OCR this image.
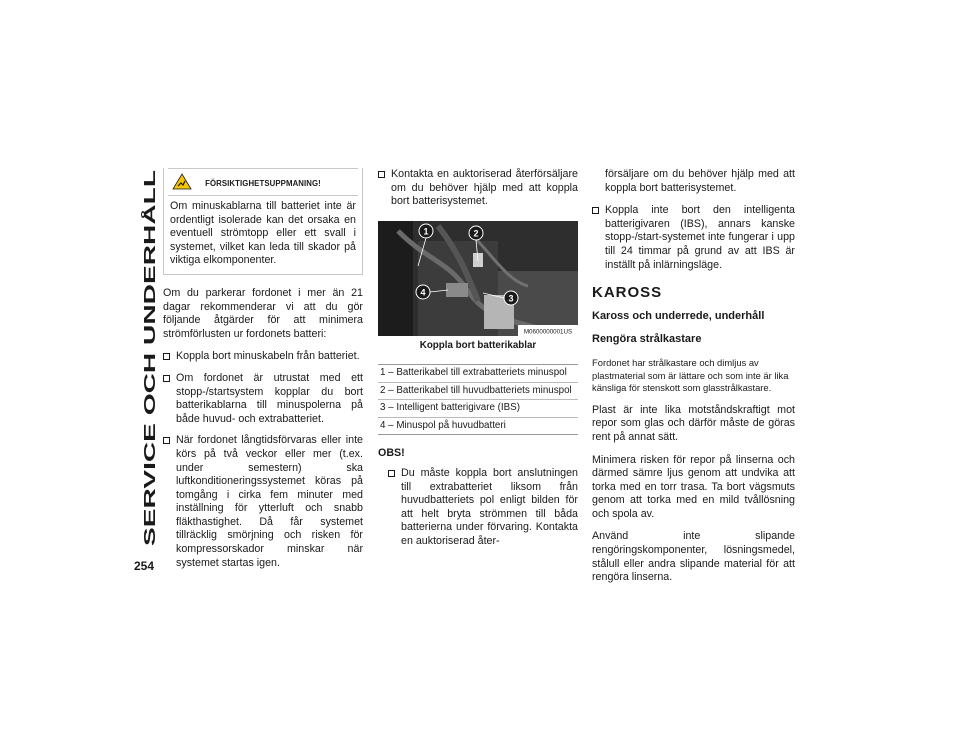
SERVICE OCH UNDERHÅLL
254
FÖRSIKTIGHETSUPPMANING!
Om minuskablarna till batteriet inte är ordentligt isolerade kan det orsaka en eventuell strömtopp eller ett svall i systemet, vilket kan leda till skador på viktiga elkomponenter.

Om du parkerar fordonet i mer än 21 dagar rekommenderar vi att du gör följande åtgärder för att minimera strömförlusten ur fordonets batteri:

Koppla bort minuskabeln från batteriet.
Om fordonet är utrustat med ett stopp-/startsystem kopplar du bort batterikablarna till minuspolerna på både huvud- och extrabatteriet.
När fordonet långtidsförvaras eller inte körs på två veckor eller mer (t.ex. under semestern) ska luftkonditioneringssystemet köras på tomgång i cirka fem minuter med inställning för ytterluft och snabb fläkthastighet. Då får systemet tillräcklig smörjning och risken för kompressorskador minskar när systemet startas igen.
Kontakta en auktoriserad återförsäljare om du behöver hjälp med att koppla bort batterisystemet.
1	2
3
4
M0600000001US
Koppla bort batterikablar
1 – Batterikabel till extrabatteriets minuspol
2 – Batterikabel till huvudbatteriets minuspol
3 – Intelligent batterigivare (IBS)
4 – Minuspol på huvudbatteri
OBS!
Du måste koppla bort anslutningen till extrabatteriet liksom från huvudbatteriets pol enligt bilden för att helt bryta strömmen till båda batterierna under förvaring. Kontakta en auktoriserad åter-

försäljare om du behöver hjälp med att koppla bort batterisystemet.

Koppla inte bort den intelligenta batterigivaren (IBS), annars kanske stopp-/start-systemet inte fungerar i upp till 24 timmar på grund av att IBS är inställt på inlärningsläge.
KAROSS
Kaross och underrede, underhåll
Rengöra strålkastare
Fordonet har strålkastare och dimljus av plastmaterial som är lättare och som inte är lika känsliga för stenskott som glasstrålkastare.

Plast är inte lika motståndskraftigt mot repor som glas och därför måste de göras rent på annat sätt.

Minimera risken för repor på linserna och därmed sämre ljus genom att undvika att torka med en torr trasa. Ta bort vägsmuts genom att torka med en mild tvållösning och spola av.

Använd inte slipande rengöringskomponenter, lösningsmedel, stålull eller andra slipande material för att rengöra linserna.
